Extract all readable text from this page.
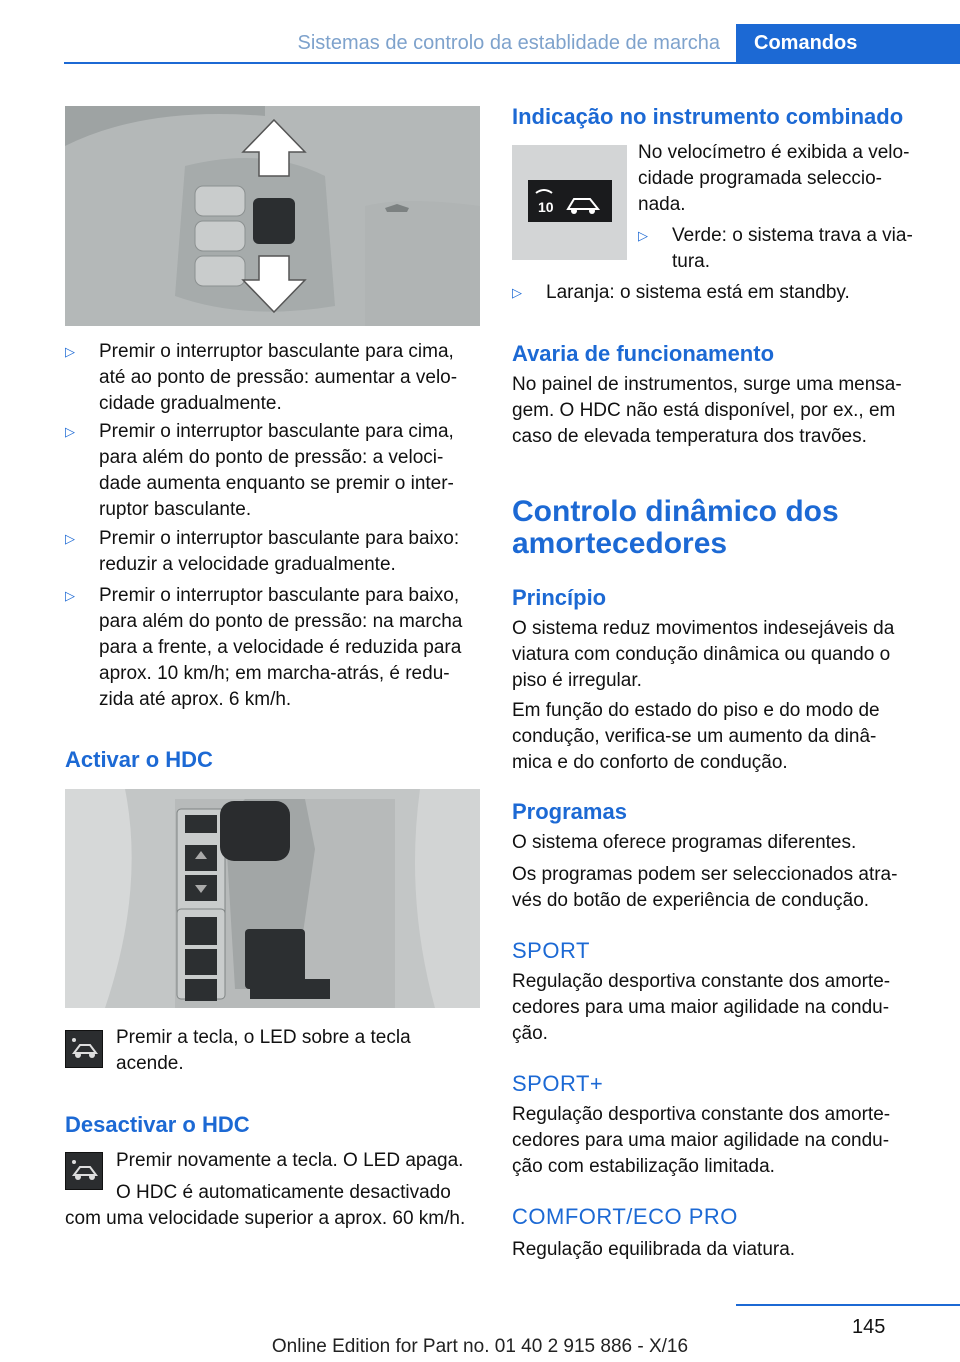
Sistemas de controlo da establidade de marcha	Comandos
▷ Premir o interruptor basculante para cima,
até ao ponto de pressão: aumentar a velo-
cidade gradualmente.
▷ Premir o interruptor basculante para cima,
para além do ponto de pressão: a veloci-
dade aumenta enquanto se premir o inter-
ruptor basculante.
▷ Premir o interruptor basculante para baixo:
reduzir a velocidade gradualmente.
▷ Premir o interruptor basculante para baixo,
para além do ponto de pressão: na marcha
para a frente, a velocidade é reduzida para
aprox. 10 km/h; em marcha-atrás, é redu-
zida até aprox. 6 km/h.
Activar o HDC
Premir a tecla, o LED sobre a tecla
acende.
Desactivar o HDC
Premir novamente a tecla. O LED apaga.
O HDC é automaticamente desactivado
com uma velocidade superior a aprox. 60 km/h.
Indicação no instrumento combinado
10
No velocímetro é exibida a velo-
cidade programada seleccio-
nada.
▷ Verde: o sistema trava a via-
tura.
▷ Laranja: o sistema está em standby.
Avaria de funcionamento
No painel de instrumentos, surge uma mensa-
gem. O HDC não está disponível, por ex., em
caso de elevada temperatura dos travões.
Controlo dinâmico dos
amortecedores
Princípio
O sistema reduz movimentos indesejáveis da
viatura com condução dinâmica ou quando o
piso é irregular.
Em função do estado do piso e do modo de
condução, verifica-se um aumento da dinâ-
mica e do conforto de condução.
Programas
O sistema oferece programas diferentes.
Os programas podem ser seleccionados atra-
vés do botão de experiência de condução.
SPORT
Regulação desportiva constante dos amorte-
cedores para uma maior agilidade na condu-
ção.
SPORT+
Regulação desportiva constante dos amorte-
cedores para uma maior agilidade na condu-
ção com estabilização limitada.
COMFORT/ECO PRO
Regulação equilibrada da viatura.
145
Online Edition for Part no. 01 40 2 915 886 - X/16
